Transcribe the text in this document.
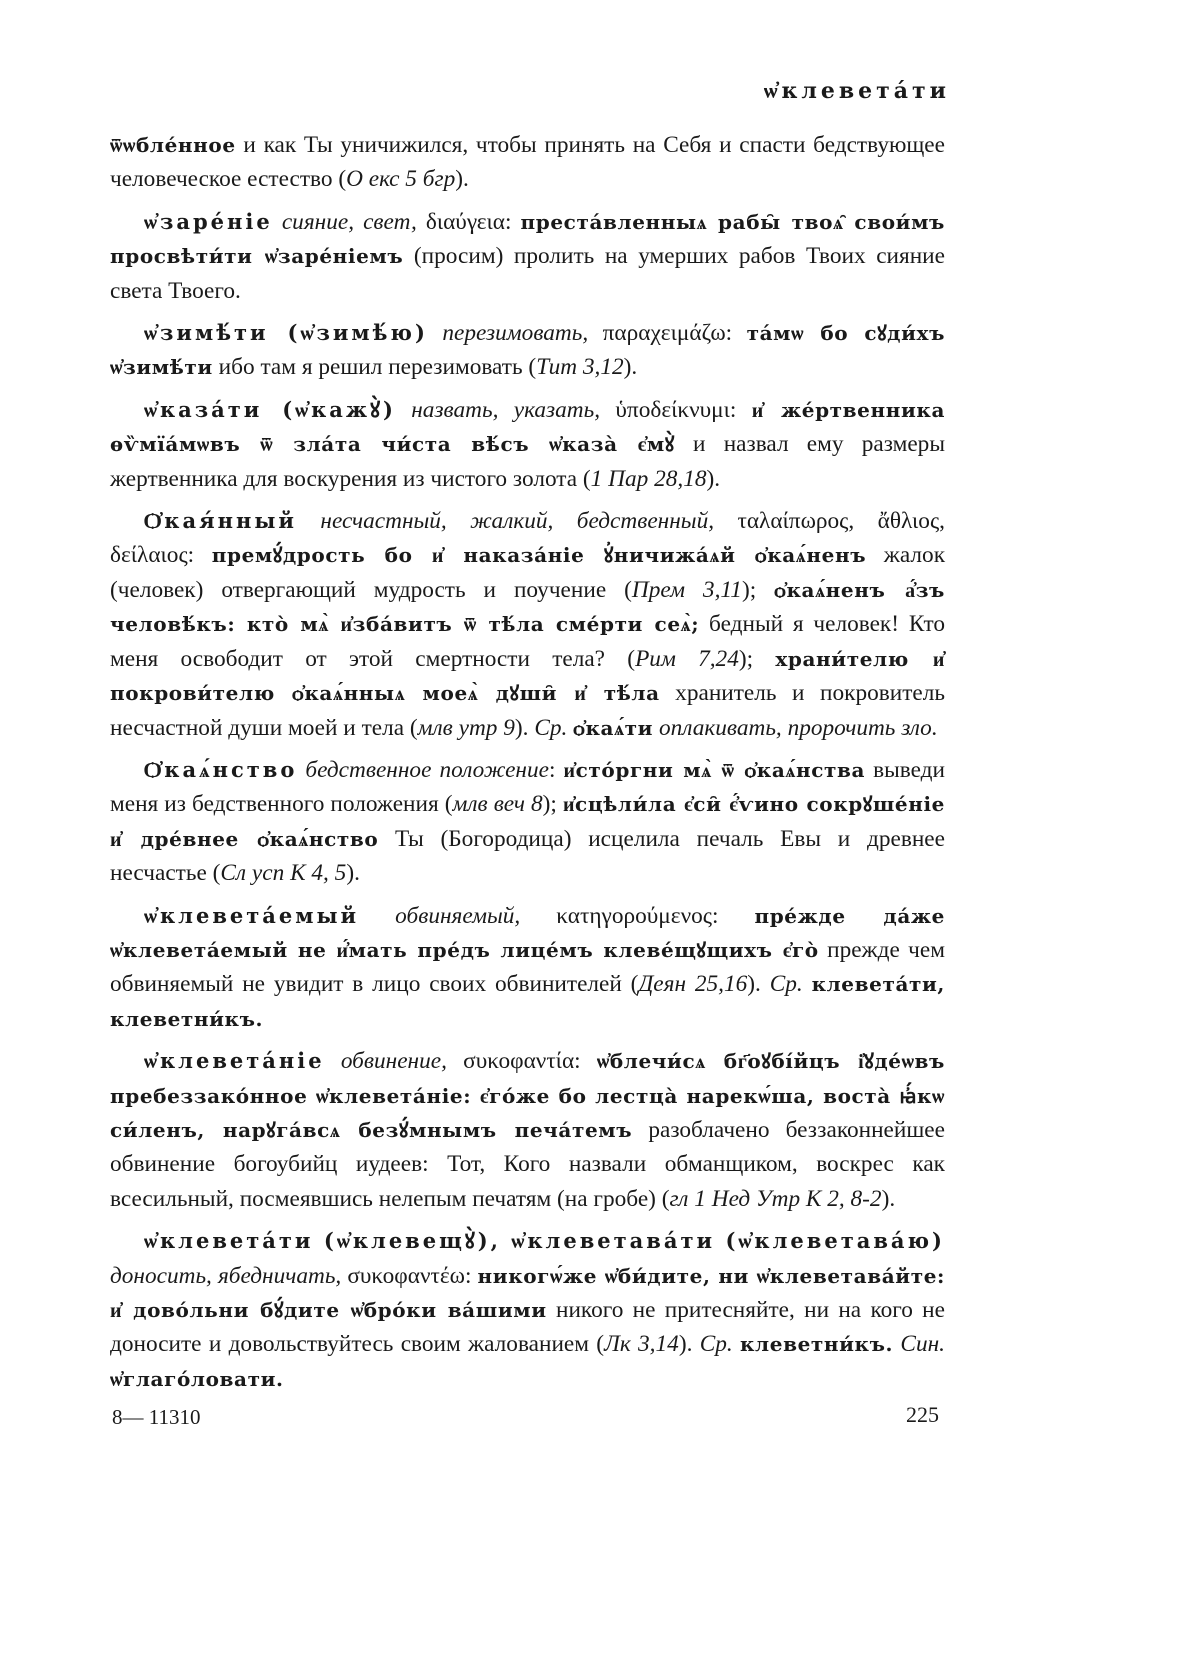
ѡ҆клеветáти

ѿѡбле́нное и как Ты уничижился, чтобы принять на Себя и спасти бедствующее человеческое естество (О екс 5 бгр).

ѡ҆зарéніе сияние, свет, διαύγεια: престáвленныѧ рабы̑ твоѧ̑ свои́мъ просвѣти́ти ѡ҆заре́ніемъ (просим) пролить на умерших рабов Твоих сияние света Твоего.

ѡ҆зимѣ́ти (ѡ҆зимѣ́ю) перезимовать, παραχειμάζω: тáмѡ бо сꙋди́хъ ѡ҆зимѣ́ти ибо там я решил перезимовать (Тит 3,12).

ѡ҆казáти (ѡ҆кажꙋ̀) назвать, указать, ὑποδείκνυμι: и҆ же́ртвенника ѳѷмїа́мѡвъ ѿ злáта чи́ста вѣ́съ ѡ҆казà є҆мꙋ̀ и назвал ему размеры жертвенника для воскурения из чистого золота (1 Пар 28,18).

Ѻ҆кая́нный несчастный, жалкий, бедственный, ταλαίπωρος, ἄθλιος, δείλαιος: премꙋ́дрость бо и҆ наказа́ніе ꙋ҆ничижа́ѧй ѻ҆каѧ́ненъ жалок (человек) отвергающий мудрость и поучение (Прем 3,11); ѻ҆каѧ́ненъ а҆́зъ человѣ́къ: кто̀ мѧ̀ и҆зба́витъ ѿ тѣ́ла сме́рти сеѧ̀; бедный я человек! Кто меня освободит от этой смертности тела? (Рим 7,24); храни́телю и҆ покрови́телю ѻ҆каѧ́нныѧ моеѧ̀ дꙋши̑ и҆ тѣ́ла хранитель и покровитель несчастной души моей и тела (млв утр 9). Ср. ѻ҆каѧ́ти оплакивать, пророчить зло.

Ѻ҆каѧ́нство бедственное положение: и҆сто́ргни мѧ̀ ѿ ѻ҆каѧ́нства выведи меня из бедственного положения (млв веч 8); и҆сцѣли́ла є҆си̑ є҆́ѵино сокрꙋше́ніе и҆ дре́внее ѻ҆каѧ́нство Ты (Богородица) исцелила печаль Евы и древнее несчастье (Сл усп К 4, 5).

ѡ҆клеветáемый обвиняемый, κατηγορούμενος: пре́жде да́же ѡ҆клевета́емый не и҆́мать пре́дъ лице́мъ клеве́щꙋщихъ є҆го̀ прежде чем обвиняемый не увидит в лицо своих обвинителей (Деян 25,16). Ср. клевета́ти, клеветни́къ.

ѡ҆клеветáніе обвинение, συκοφαντία: ѡ҆блечи́сѧ бг҃оꙋбі́йцъ і҆ꙋде́ѡвъ пребеззако́нное ѡ҆клевета́ніе: є҆го́же бо лестца̀ нарекѡ́ша, воста̀ ꙗ҆́кѡ си́ленъ, нарꙋга́всѧ безꙋ́мнымъ печа́темъ разоблачено беззаконнейшее обвинение богоубийц иудеев: Тот, Кого назвали обманщиком, воскрес как всесильный, посмеявшись нелепым печатям (на гробе) (гл 1 Нед Утр К 2, 8-2).

ѡ҆клеветáти (ѡ҆клевещꙋ̀), ѡ҆клеветавáти (ѡ҆клеветавáю) доносить, ябедничать, συκοφαντέω: никогѡ́же ѡ҆би́дите, ни ѡ҆клеветава́йте: и҆ дово́льни бꙋ́дите ѡ҆бро́ки ва́шими никого не притесняйте, ни на кого не доносите и довольствуйтесь своим жалованием (Лк 3,14). Ср. клеветни́къ. Син. ѡ҆глаго́ловати.

8— 11310	225
